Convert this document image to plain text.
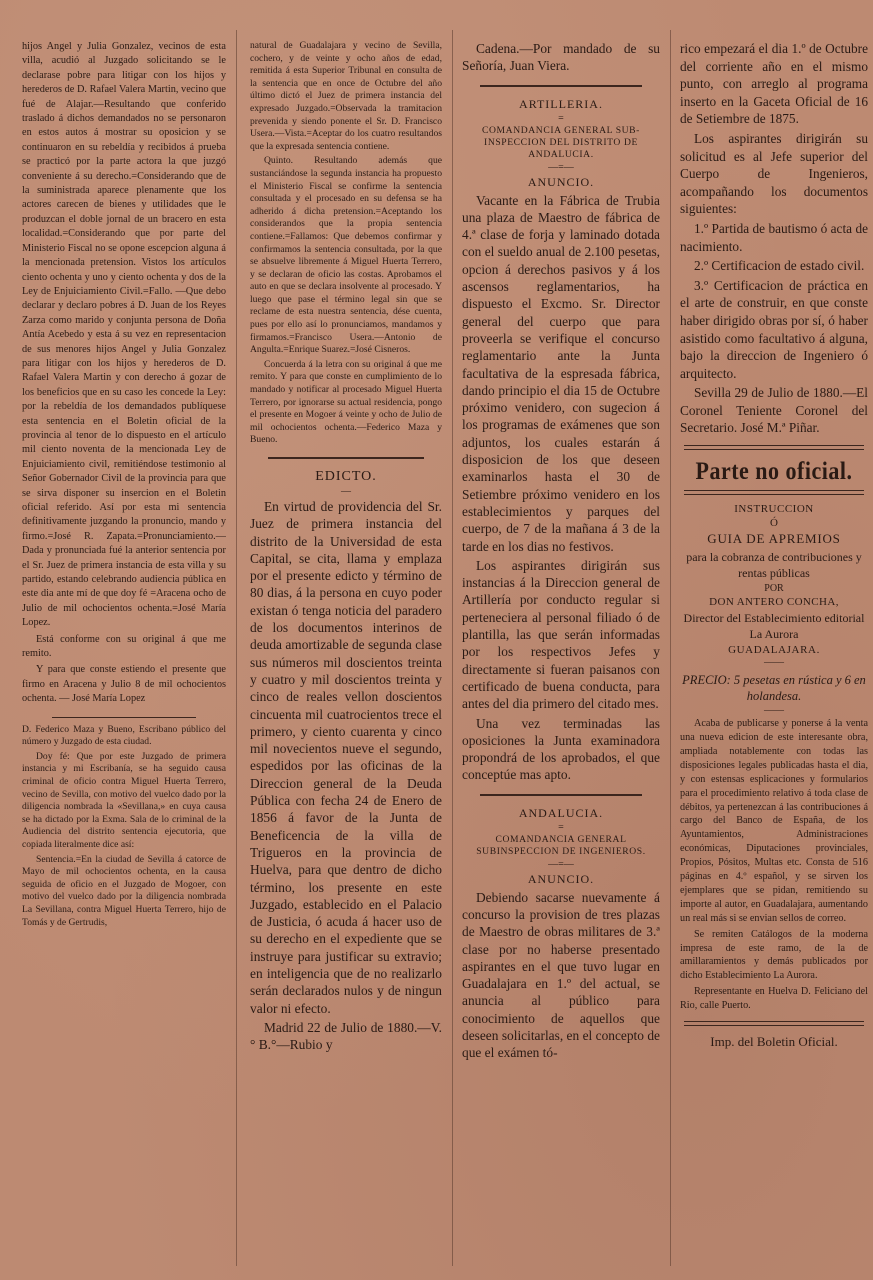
hijos Angel y Julia Gonzalez, vecinos de esta villa, acudió al Juzgado solicitando se le declarase pobre para litigar con los hijos y herederos de D. Rafael Valera Martin, vecino que fué de Alajar.—Resultando que conferido traslado á dichos demandados no se personaron en estos autos á mostrar su oposicion y se continuaron en su rebeldía y recibidos á prueba se practicó por la parte actora la que juzgó conveniente á su derecho.=Considerando que de la suministrada aparece plenamente que los actores carecen de bienes y utilidades que le produzcan el doble jornal de un bracero en esta localidad.=Considerando que por parte del Ministerio Fiscal no se opone escepcion alguna á la mencionada pretension. Vistos los artículos ciento ochenta y uno y ciento ochenta y dos de la Ley de Enjuiciamiento Civil.=Fallo. —Que debo declarar y declaro pobres á D. Juan de los Reyes Zarza como marido y conjunta persona de Doña Antía Acebedo y esta á su vez en representacion de sus menores hijos Angel y Julia Gonzalez para litigar con los hijos y herederos de D. Rafael Valera Martin y con derecho á gozar de los beneficios que en su caso les concede la Ley: por la rebeldía de los demandados publíquese esta sentencia en el Boletin oficial de la provincia al tenor de lo dispuesto en el artículo mil ciento noventa de la mencionada Ley de Enjuiciamiento civil, remitiéndose testimonio al Señor Gobernador Civil de la provincia para que se sirva disponer su insercion en el Boletin oficial referido. Así por esta mi sentencia definitivamente juzgando la pronuncio, mando y firmo.=José R. Zapata.=Pronunciamiento.— Dada y pronunciada fué la anterior sentencia por el Sr. Juez de primera instancia de esta villa y su partido, estando celebrando audiencia pública en este dia ante mí de que doy fé =Aracena ocho de Julio de mil ochocientos ochenta.=José María Lopez.

Está conforme con su original á que me remito.

Y para que conste estiendo el presente que firmo en Aracena y Julio 8 de mil ochocientos ochenta. — José María Lopez

D. Federico Maza y Bueno, Escribano público del número y Juzgado de esta ciudad.

Doy fé: Que por este Juzgado de primera instancia y mi Escribanía, se ha seguido causa criminal de oficio contra Miguel Huerta Terrero, vecino de Sevilla, con motivo del vuelco dado por la diligencia nombrada la «Sevillana,» en cuya causa se ha dictado por la Exma. Sala de lo criminal de la Audiencia del distrito sentencia ejecutoria, que copiada literalmente dice así:

Sentencia.=En la ciudad de Sevilla á catorce de Mayo de mil ochocientos ochenta, en la causa seguida de oficio en el Juzgado de Mogoer, con motivo del vuelco dado por la diligencia nombrada La Sevillana, contra Miguel Huerta Terrero, hijo de Tomás y de Gertrudis,

natural de Guadalajara y vecino de Sevilla, cochero, y de veinte y ocho años de edad, remitida á esta Superior Tribunal en consulta de la sentencia que en once de Octubre del año último dictó el Juez de primera instancia del expresado Juzgado.=Observada la tramitacion prevenida y siendo ponente el Sr. D. Francisco Usera.—Vista.=Aceptar do los cuatro resultandos que la expresada sentencia contiene.

Quinto. Resultando además que sustanciándose la segunda instancia ha propuesto el Ministerio Fiscal se confirme la sentencia consultada y el procesado en su defensa se ha adherido á dicha pretension.=Aceptando los considerandos que la propia sentencia contiene.=Fallamos: Que debemos confirmar y confirmamos la sentencia consultada, por la que se absuelve libremente á Miguel Huerta Terrero, y se declaran de oficio las costas. Aprobamos el auto en que se declara insolvente al procesado. Y luego que pase el término legal sin que se reclame de esta nuestra sentencia, dése cuenta, pues por ello así lo pronunciamos, mandamos y firmamos.=Francisco Usera.—Antonio de Angulta.=Enrique Suarez.=José Cisneros.

Concuerda á la letra con su original á que me remito. Y para que conste en cumplimiento de lo mandado y notificar al procesado Miguel Huerta Terrero, por ignorarse su actual residencia, pongo el presente en Mogoer á veinte y ocho de Julio de mil ochocientos ochenta.—Federico Maza y Bueno.

EDICTO.

—

En virtud de providencia del Sr. Juez de primera instancia del distrito de la Universidad de esta Capital, se cita, llama y emplaza por el presente edicto y término de 80 dias, á la persona en cuyo poder existan ó tenga noticia del paradero de los documentos interinos de deuda amortizable de segunda clase sus números mil doscientos treinta y cuatro y mil doscientos treinta y cinco de reales vellon doscientos cincuenta mil cuatrocientos trece el primero, y ciento cuarenta y cinco mil novecientos nueve el segundo, espedidos por las oficinas de la Direccion general de la Deuda Pública con fecha 24 de Enero de 1856 á favor de la Junta de Beneficencia de la villa de Trigueros en la provincia de Huelva, para que dentro de dicho término, los presente en este Juzgado, establecido en el Palacio de Justicia, ó acuda á hacer uso de su derecho en el expediente que se instruye para justificar su extravio; en inteligencia que de no realizarlo serán declarados nulos y de ningun valor ni efecto.

Madrid 22 de Julio de 1880.—V.° B.°—Rubio y

Cadena.—Por mandado de su Señoría, Juan Viera.

ARTILLERIA.

=

COMANDANCIA GENERAL SUB-INSPECCION DEL DISTRITO DE ANDALUCIA.

—=—

ANUNCIO.

Vacante en la Fábrica de Trubia una plaza de Maestro de fábrica de 4.ª clase de forja y laminado dotada con el sueldo anual de 2.100 pesetas, opcion á derechos pasivos y á los ascensos reglamentarios, ha dispuesto el Excmo. Sr. Director general del cuerpo que para proveerla se verifique el concurso reglamentario ante la Junta facultativa de la espresada fábrica, dando principio el dia 15 de Octubre próximo venidero, con sugecion á los programas de exámenes que son adjuntos, los cuales estarán á disposicion de los que deseen examinarlos hasta el 30 de Setiembre próximo venidero en los establecimientos y parques del cuerpo, de 7 de la mañana á 3 de la tarde en los dias no festivos.

Los aspirantes dirigirán sus instancias á la Direccion general de Artillería por conducto regular si perteneciera al personal filiado ó de plantilla, las que serán informadas por los respectivos Jefes y directamente si fueran paisanos con certificado de buena conducta, para antes del dia primero del citado mes.

Una vez terminadas las oposiciones la Junta examinadora propondrá de los aprobados, el que conceptúe mas apto.

ANDALUCIA.

=

COMANDANCIA GENERAL SUBINSPECCION DE INGENIEROS.

—=—

ANUNCIO.

Debiendo sacarse nuevamente á concurso la provision de tres plazas de Maestro de obras militares de 3.ª clase por no haberse presentado aspirantes en el que tuvo lugar en Guadalajara en 1.º del actual, se anuncia al público para conocimiento de aquellos que deseen solicitarlas, en el concepto de que el exámen tó-

rico empezará el dia 1.º de Octubre del corriente año en el mismo punto, con arreglo al programa inserto en la Gaceta Oficial de 16 de Setiembre de 1875.

Los aspirantes dirigirán su solicitud es al Jefe superior del Cuerpo de Ingenieros, acompañando los documentos siguientes:

1.º Partida de bautismo ó acta de nacimiento.

2.º Certificacion de estado civil.

3.º Certificacion de práctica en el arte de construir, en que conste haber dirigido obras por sí, ó haber asistido como facultativo á alguna, bajo la direccion de Ingeniero ó arquitecto.

Sevilla 29 de Julio de 1880.—El Coronel Teniente Coronel del Secretario. José M.ª Piñar.

Parte no oficial.

INSTRUCCION

Ó

GUIA DE APREMIOS

para la cobranza de contribuciones y rentas públicas

POR

DON ANTERO CONCHA,

Director del Establecimiento editorial La Aurora

GUADALAJARA.

——

PRECIO: 5 pesetas en rústica y 6 en holandesa.

——

Acaba de publicarse y ponerse á la venta una nueva edicion de este interesante obra, ampliada notablemente con todas las disposiciones legales publicadas hasta el dia, y con estensas esplicaciones y formularios para el procedimiento relativo á toda clase de débitos, ya pertenezcan á las contribuciones á cargo del Banco de España, de los Ayuntamientos, Administraciones económicas, Diputaciones provinciales, Propios, Pósitos, Multas etc. Consta de 516 páginas en 4.º español, y se sirven los ejemplares que se pidan, remitiendo su importe al autor, en Guadalajara, aumentando un real más si se envian sellos de correo.

Se remiten Catálogos de la moderna impresa de este ramo, de la de amillaramientos y demás publicados por dicho Establecimiento La Aurora.

Representante en Huelva D. Feliciano del Rio, calle Puerto.

Imp. del Boletin Oficial.
